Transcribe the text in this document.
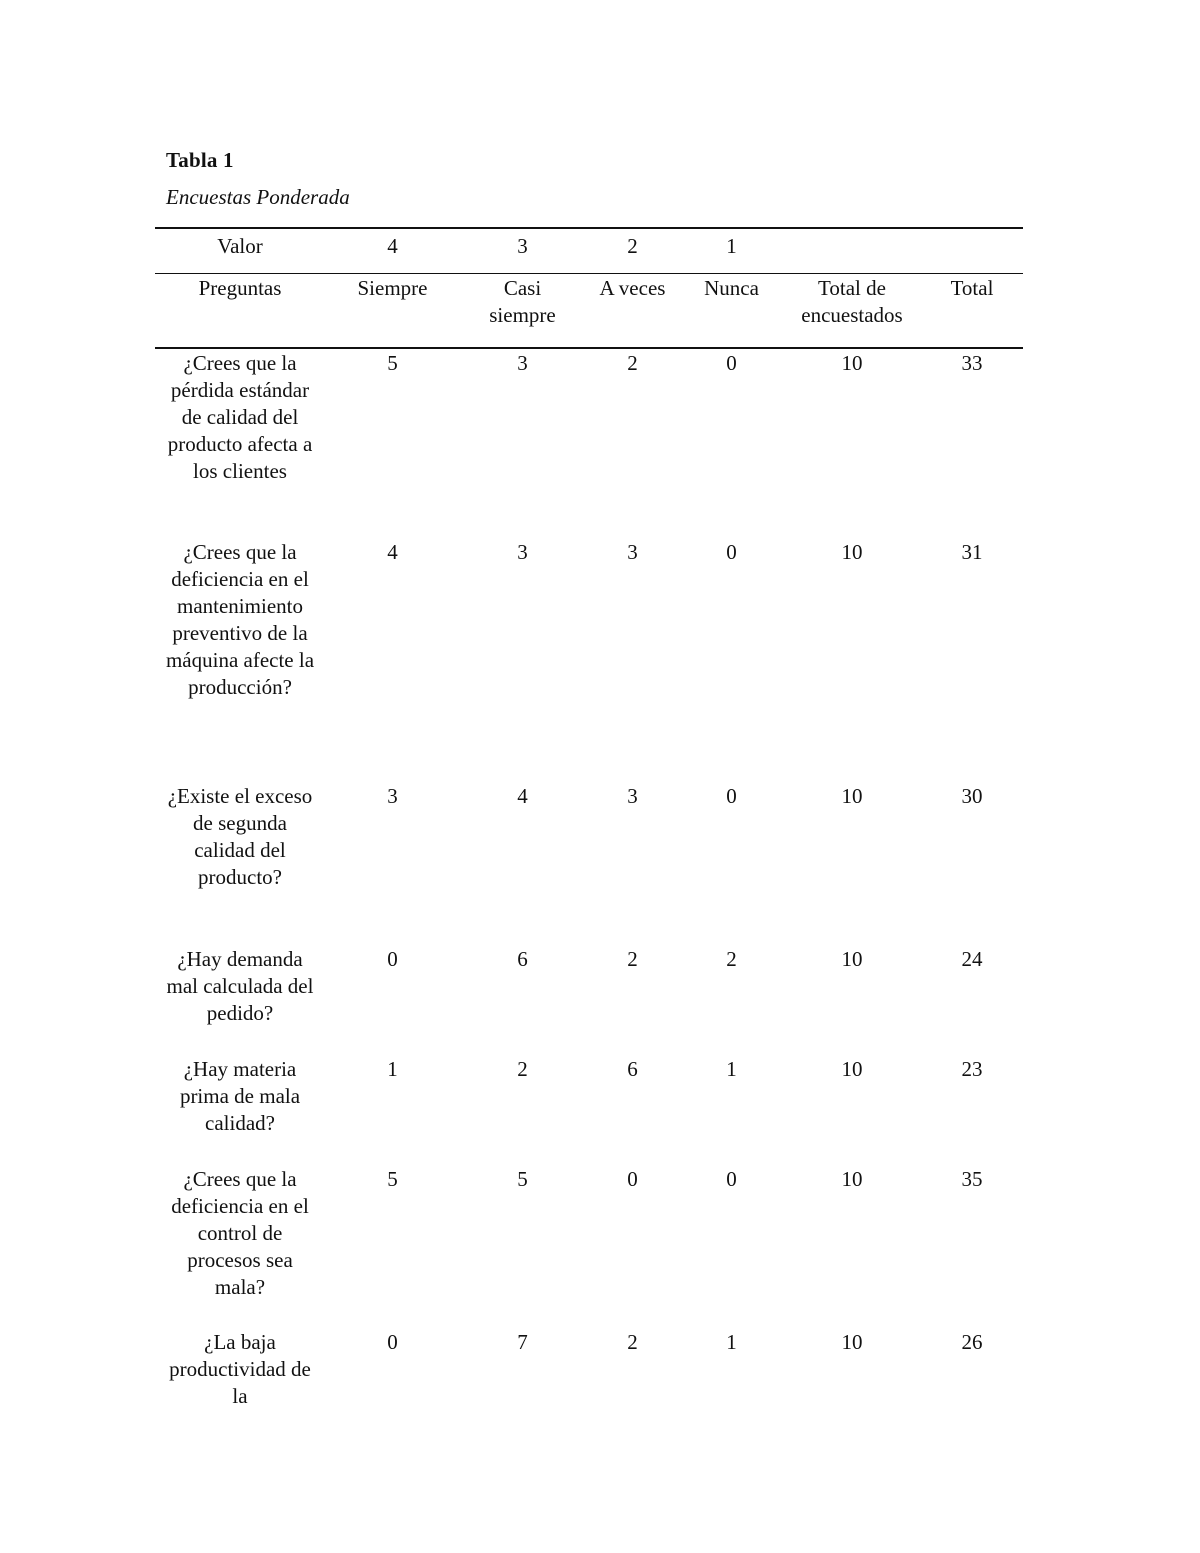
Tabla 1
Encuestas Ponderada
Valor	4	3	2	1		
Preguntas	Siempre	Casi siempre	A veces	Nunca	Total de encuestados	Total
¿Crees que la pérdida estándar de calidad del producto afecta a los clientes	5	3	2	0	10	33
¿Crees que la deficiencia en el mantenimiento preventivo de la máquina afecte la producción?	4	3	3	0	10	31
¿Existe el exceso de segunda calidad del producto?	3	4	3	0	10	30
¿Hay demanda mal calculada del pedido?	0	6	2	2	10	24
¿Hay materia prima de mala calidad?	1	2	6	1	10	23
¿Crees que la deficiencia en el control de procesos sea mala?	5	5	0	0	10	35
¿La baja productividad de la	0	7	2	1	10	26
